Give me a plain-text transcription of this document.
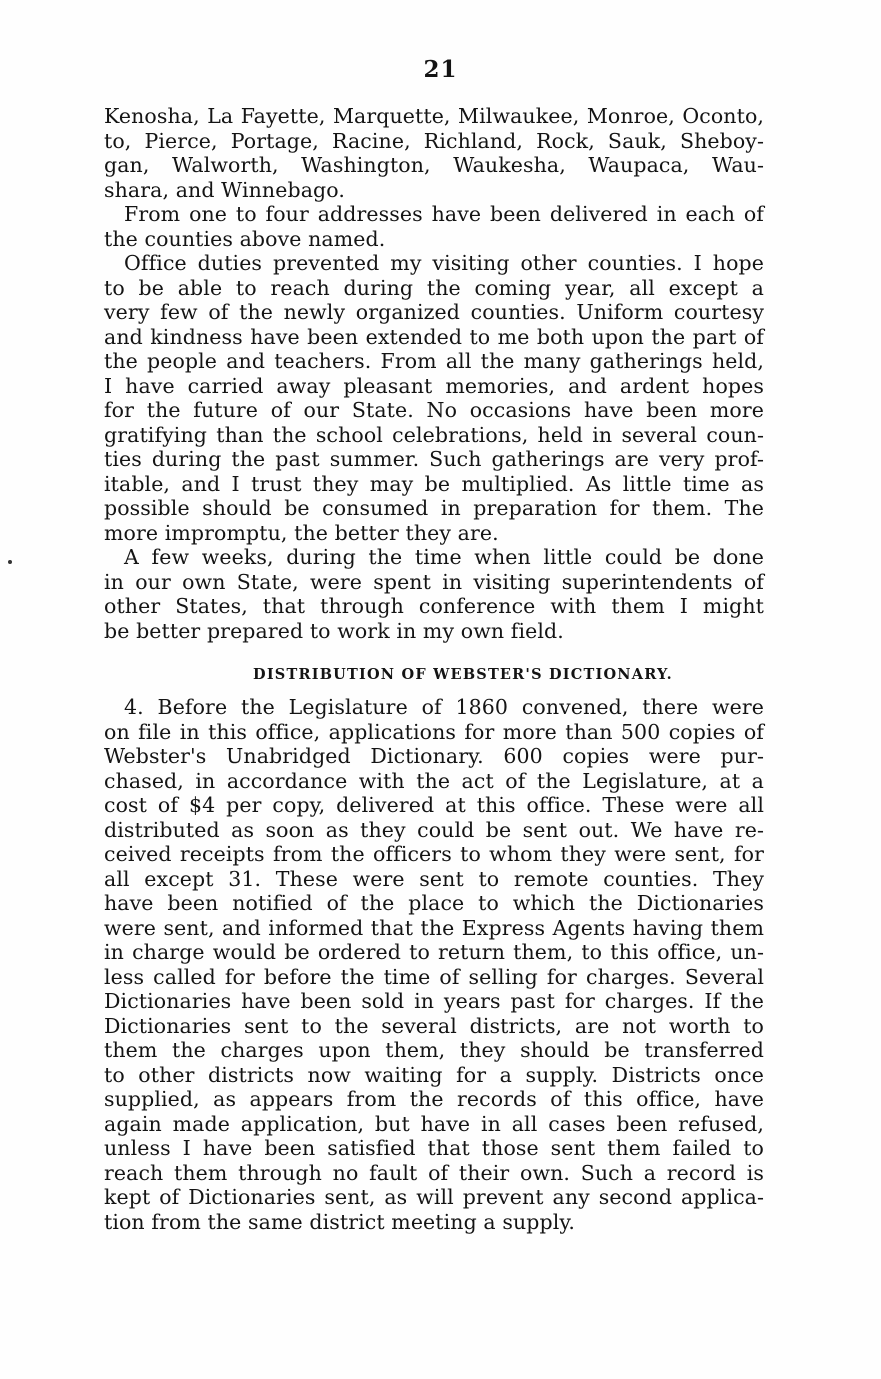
21
Kenosha, La Fayette, Marquette, Milwaukee, Monroe, Oconto,
to, Pierce, Portage, Racine, Richland, Rock, Sauk, Sheboy-
gan, Walworth, Washington, Waukesha, Waupaca, Wau-
shara, and Winnebago.
From one to four addresses have been delivered in each of
the counties above named.
Office duties prevented my visiting other counties. I hope
to be able to reach during the coming year, all except a
very few of the newly organized counties. Uniform courtesy
and kindness have been extended to me both upon the part of
the people and teachers. From all the many gatherings held,
I have carried away pleasant memories, and ardent hopes
for the future of our State. No occasions have been more
gratifying than the school celebrations, held in several coun-
ties during the past summer. Such gatherings are very prof-
itable, and I trust they may be multiplied. As little time as
possible should be consumed in preparation for them. The
more impromptu, the better they are.
A few weeks, during the time when little could be done
in our own State, were spent in visiting superintendents of
other States, that through conference with them I might
be better prepared to work in my own field.
DISTRIBUTION OF WEBSTER'S DICTIONARY.
4. Before the Legislature of 1860 convened, there were
on file in this office, applications for more than 500 copies of
Webster's Unabridged Dictionary. 600 copies were pur-
chased, in accordance with the act of the Legislature, at a
cost of $4 per copy, delivered at this office. These were all
distributed as soon as they could be sent out. We have re-
ceived receipts from the officers to whom they were sent, for
all except 31. These were sent to remote counties. They
have been notified of the place to which the Dictionaries
were sent, and informed that the Express Agents having them
in charge would be ordered to return them, to this office, un-
less called for before the time of selling for charges. Several
Dictionaries have been sold in years past for charges. If the
Dictionaries sent to the several districts, are not worth to
them the charges upon them, they should be transferred
to other districts now waiting for a supply. Districts once
supplied, as appears from the records of this office, have
again made application, but have in all cases been refused,
unless I have been satisfied that those sent them failed to
reach them through no fault of their own. Such a record is
kept of Dictionaries sent, as will prevent any second applica-
tion from the same district meeting a supply.
